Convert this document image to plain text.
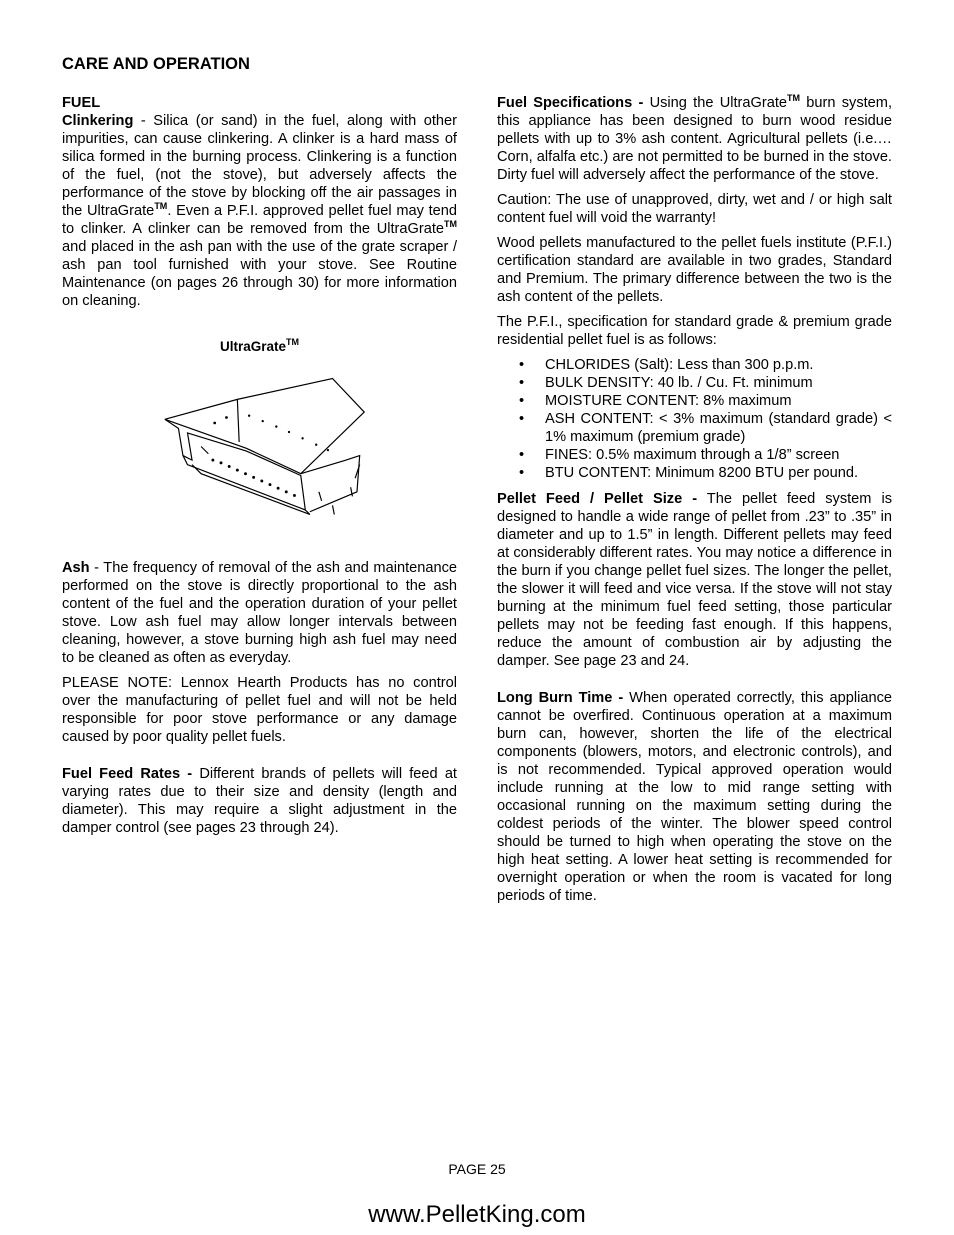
CARE AND OPERATION

FUEL

Clinkering - Silica (or sand) in the fuel, along with other impurities, can cause clinkering. A clinker is a hard mass of silica formed in the burning process. Clinkering is a function of the fuel, (not the stove), but adversely affects the performance of the stove by blocking off the air passages in the UltraGrate™. Even a P.F.I. approved pellet fuel may tend to clinker. A clinker can be removed from the UltraGrate™ and placed in the ash pan with the use of the grate scraper / ash pan tool furnished with your stove. See Routine Maintenance (on pages 26 through 30) for more information on cleaning.

UltraGrate™

Ash - The frequency of removal of the ash and maintenance performed on the stove is directly proportional to the ash content of the fuel and the operation duration of your pellet stove. Low ash fuel may allow longer intervals between cleaning, however, a stove burning high ash fuel may need to be cleaned as often as everyday.

PLEASE NOTE: Lennox Hearth Products has no control over the manufacturing of pellet fuel and will not be held responsible for poor stove performance or any damage caused by poor quality pellet fuels.

Fuel Feed Rates - Different brands of pellets will feed at varying rates due to their size and density (length and diameter). This may require a slight adjustment in the damper control (see pages 23 through 24).

Fuel Specifications - Using the UltraGrate™ burn system, this appliance has been designed to burn wood residue pellets with up to 3% ash content. Agricultural pellets (i.e.… Corn, alfalfa etc.) are not permitted to be burned in the stove. Dirty fuel will adversely affect the performance of the stove.

Caution: The use of unapproved, dirty, wet and / or high salt content fuel will void the warranty!

Wood pellets manufactured to the pellet fuels institute (P.F.I.) certification standard are available in two grades, Standard and Premium. The primary difference between the two is the ash content of the pellets.

The P.F.I., specification for standard grade & premium grade residential pellet fuel is as follows:

• CHLORIDES (Salt): Less than 300 p.p.m.
• BULK DENSITY: 40 lb. / Cu. Ft. minimum
• MOISTURE CONTENT: 8% maximum
• ASH CONTENT: < 3% maximum (standard grade) < 1% maximum (premium grade)
• FINES: 0.5% maximum through a 1/8” screen
• BTU CONTENT: Minimum 8200 BTU per pound.

Pellet Feed / Pellet Size - The pellet feed system is designed to handle a wide range of pellet from .23” to .35” in diameter and up to 1.5” in length. Different pellets may feed at considerably different rates. You may notice a difference in the burn if you change pellet fuel sizes. The longer the pellet, the slower it will feed and vice versa. If the stove will not stay burning at the minimum fuel feed setting, those particular pellets may not be feeding fast enough. If this happens, reduce the amount of combustion air by adjusting the damper. See page 23 and 24.

Long Burn Time - When operated correctly, this appliance cannot be overfired. Continuous operation at a maximum burn can, however, shorten the life of the electrical components (blowers, motors, and electronic controls), and is not recommended. Typical approved operation would include running at the low to mid range setting with occasional running on the maximum setting during the coldest periods of the winter. The blower speed control should be turned to high when operating the stove on the high heat setting. A lower heat setting is recommended for overnight operation or when the room is vacated for long periods of time.

PAGE 25
www.PelletKing.com
